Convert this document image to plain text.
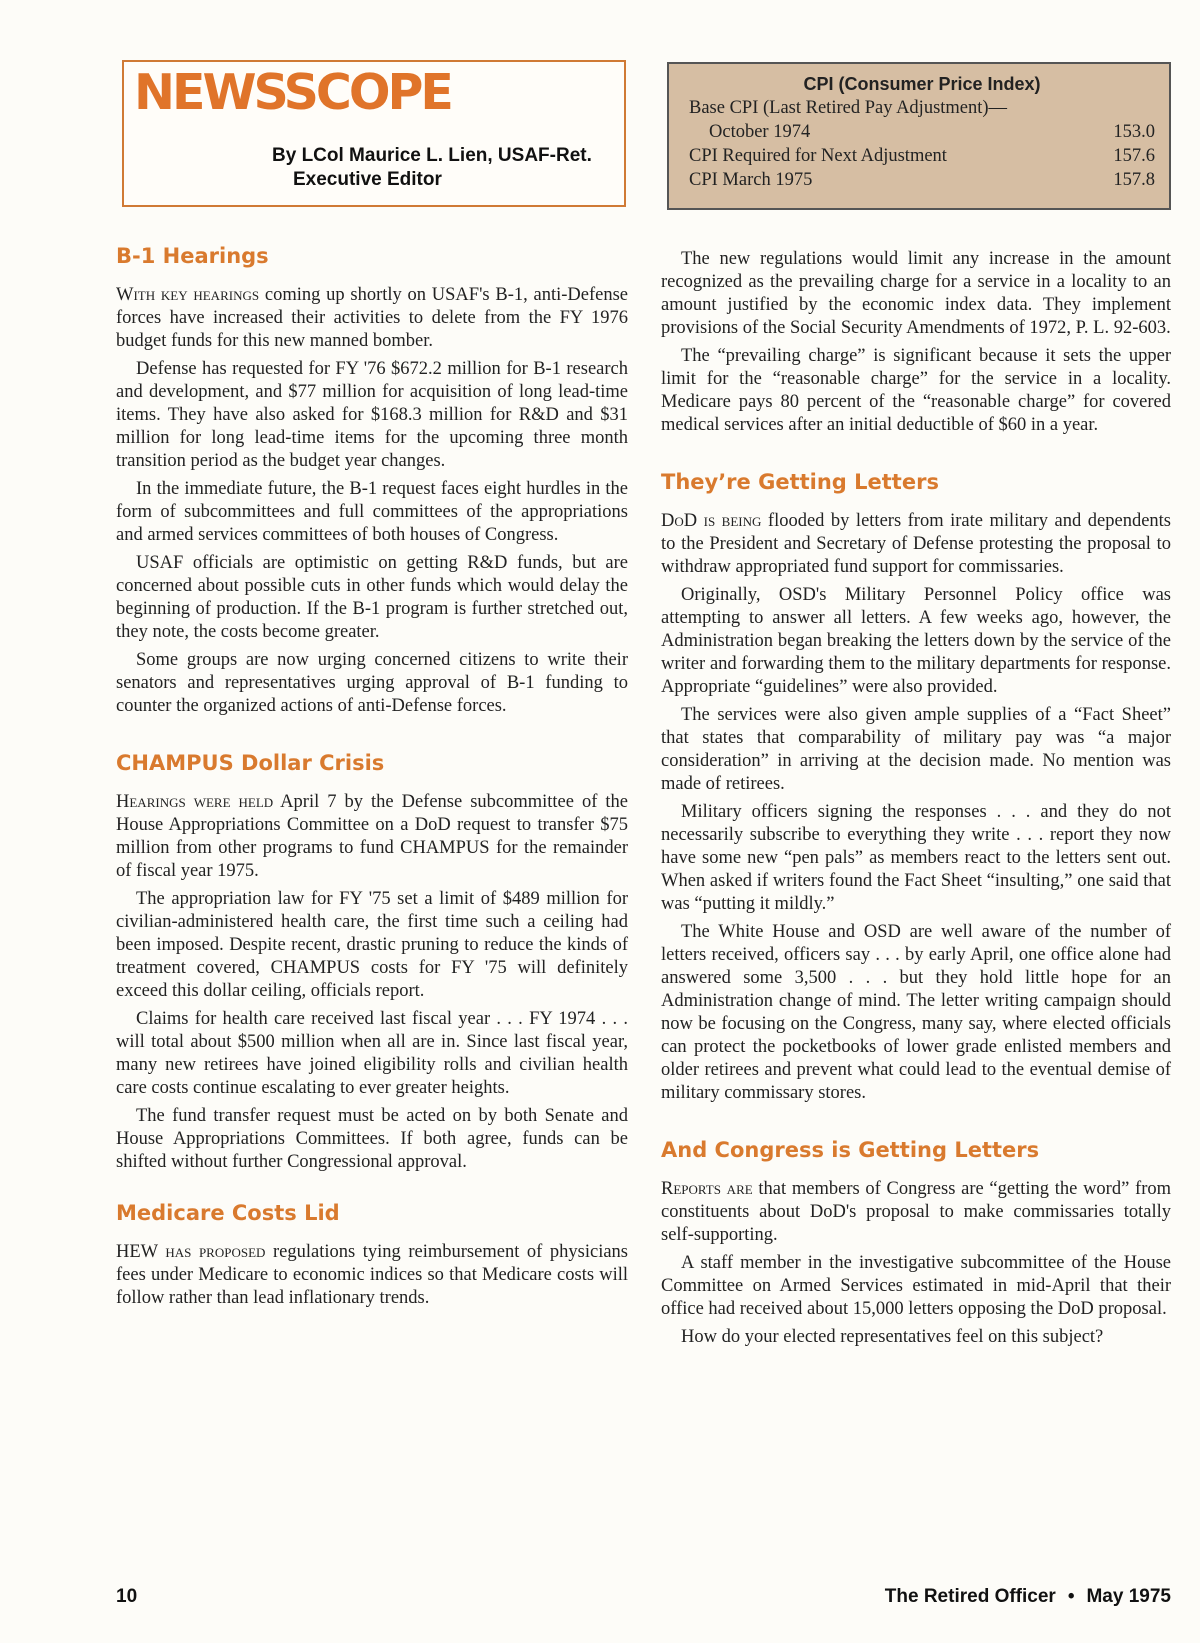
NEWSSCOPE
By LCol Maurice L. Lien, USAF-Ret.
Executive Editor
CPI (Consumer Price Index)
Base CPI (Last Retired Pay Adjustment)—
October 1974	153.0
CPI Required for Next Adjustment	157.6
CPI March 1975	157.8
B-1 Hearings

With key hearings coming up shortly on USAF's B-1, anti-Defense forces have increased their activities to delete from the FY 1976 budget funds for this new manned bomber.

Defense has requested for FY '76 $672.2 million for B-1 research and development, and $77 million for acquisition of long lead-time items. They have also asked for $168.3 million for R&D and $31 million for long lead-time items for the upcoming three month transition period as the budget year changes.

In the immediate future, the B-1 request faces eight hurdles in the form of subcommittees and full committees of the appropriations and armed services committees of both houses of Congress.

USAF officials are optimistic on getting R&D funds, but are concerned about possible cuts in other funds which would delay the beginning of production. If the B-1 program is further stretched out, they note, the costs become greater.

Some groups are now urging concerned citizens to write their senators and representatives urging approval of B-1 funding to counter the organized actions of anti-Defense forces.

CHAMPUS Dollar Crisis

Hearings were held April 7 by the Defense subcommittee of the House Appropriations Committee on a DoD request to transfer $75 million from other programs to fund CHAMPUS for the remainder of fiscal year 1975.

The appropriation law for FY '75 set a limit of $489 million for civilian-administered health care, the first time such a ceiling had been imposed. Despite recent, drastic pruning to reduce the kinds of treatment covered, CHAMPUS costs for FY '75 will definitely exceed this dollar ceiling, officials report.

Claims for health care received last fiscal year . . . FY 1974 . . . will total about $500 million when all are in. Since last fiscal year, many new retirees have joined eligibility rolls and civilian health care costs continue escalating to ever greater heights.

The fund transfer request must be acted on by both Senate and House Appropriations Committees. If both agree, funds can be shifted without further Congressional approval.

Medicare Costs Lid

HEW has proposed regulations tying reimbursement of physicians fees under Medicare to economic indices so that Medicare costs will follow rather than lead inflationary trends.

The new regulations would limit any increase in the amount recognized as the prevailing charge for a service in a locality to an amount justified by the economic index data. They implement provisions of the Social Security Amendments of 1972, P. L. 92-603.

The “prevailing charge” is significant because it sets the upper limit for the “reasonable charge” for the service in a locality. Medicare pays 80 percent of the “reasonable charge” for covered medical services after an initial deductible of $60 in a year.

They’re Getting Letters

DoD is being flooded by letters from irate military and dependents to the President and Secretary of Defense protesting the proposal to withdraw appropriated fund support for commissaries.

Originally, OSD's Military Personnel Policy office was attempting to answer all letters. A few weeks ago, however, the Administration began breaking the letters down by the service of the writer and forwarding them to the military departments for response. Appropriate “guidelines” were also provided.

The services were also given ample supplies of a “Fact Sheet” that states that comparability of military pay was “a major consideration” in arriving at the decision made. No mention was made of retirees.

Military officers signing the responses . . . and they do not necessarily subscribe to everything they write . . . report they now have some new “pen pals” as members react to the letters sent out. When asked if writers found the Fact Sheet “insulting,” one said that was “putting it mildly.”

The White House and OSD are well aware of the number of letters received, officers say . . . by early April, one office alone had answered some 3,500 . . . but they hold little hope for an Administration change of mind. The letter writing campaign should now be focusing on the Congress, many say, where elected officials can protect the pocketbooks of lower grade enlisted members and older retirees and prevent what could lead to the eventual demise of military commissary stores.

And Congress is Getting Letters

Reports are that members of Congress are “getting the word” from constituents about DoD's proposal to make commissaries totally self-supporting.

A staff member in the investigative subcommittee of the House Committee on Armed Services estimated in mid-April that their office had received about 15,000 letters opposing the DoD proposal.

How do your elected representatives feel on this subject?

10	The Retired Officer • May 1975
